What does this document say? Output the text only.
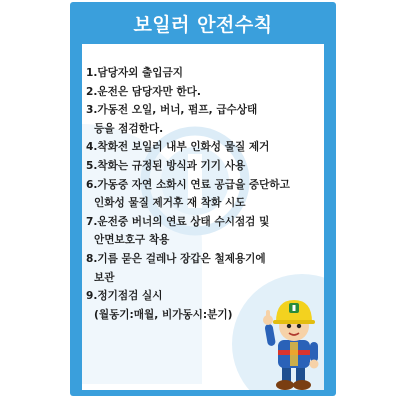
보일러 안전수칙
1.담당자외 출입금지
2.운전은 담당자만 한다.
3.가동전 오일, 버너, 펌프, 급수상태
등을 점검한다.
4.착화전 보일러 내부 인화성 물질 제거
5.착화는 규정된 방식과 기기 사용
6.가동중 자연 소화시 연료 공급을 중단하고
인화성 물질 제거후 재 착화 시도
7.운전중 버너의 연료 상태 수시점검 및
안면보호구 착용
8.기름 묻은 걸레나 장갑은 철제용기에
보관
9.정기점검 실시
(월동기:매월, 비가동시:분기)
